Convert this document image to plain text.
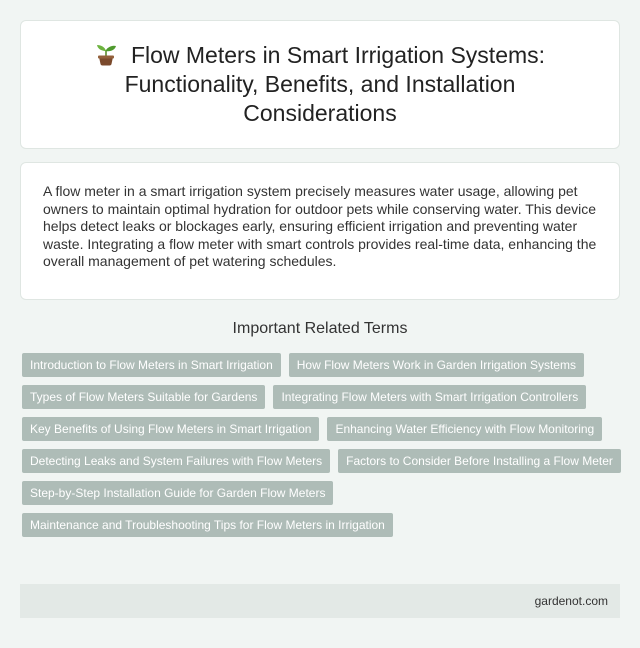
Flow Meters in Smart Irrigation Systems: Functionality, Benefits, and Installation Considerations

A flow meter in a smart irrigation system precisely measures water usage, allowing pet owners to maintain optimal hydration for outdoor pets while conserving water. This device helps detect leaks or blockages early, ensuring efficient irrigation and preventing water waste. Integrating a flow meter with smart controls provides real-time data, enhancing the overall management of pet watering schedules.

Important Related Terms
Introduction to Flow Meters in Smart Irrigation	How Flow Meters Work in Garden Irrigation Systems
Types of Flow Meters Suitable for Gardens	Integrating Flow Meters with Smart Irrigation Controllers
Key Benefits of Using Flow Meters in Smart Irrigation	Enhancing Water Efficiency with Flow Monitoring
Detecting Leaks and System Failures with Flow Meters	Factors to Consider Before Installing a Flow Meter
Step-by-Step Installation Guide for Garden Flow Meters
Maintenance and Troubleshooting Tips for Flow Meters in Irrigation
gardenot.com
